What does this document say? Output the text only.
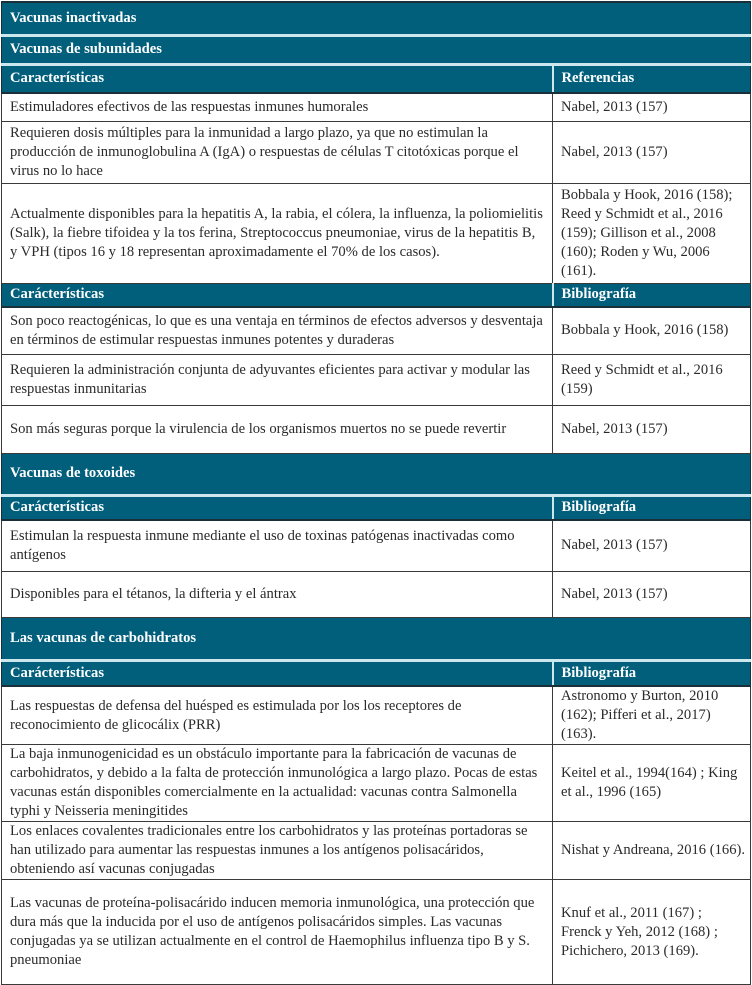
Vacunas inactivadas	
Vacunas de subunidades	
Características	Referencias
Estimuladores efectivos de las respuestas inmunes humorales	Nabel, 2013 (157)
Requieren dosis múltiples para la inmunidad a largo plazo, ya que no estimulan la producción de inmunoglobulina A (IgA) o respuestas de células T citotóxicas porque el virus no lo hace	Nabel, 2013 (157)
Actualmente disponibles para la hepatitis A, la rabia, el cólera, la influenza, la poliomielitis (Salk), la fiebre tifoidea y la tos ferina, Streptococcus pneumoniae, virus de la hepatitis B, y VPH (tipos 16 y 18 representan aproximadamente el 70% de los casos).	Bobbala y Hook, 2016 (158); Reed y Schmidt et al., 2016 (159); Gillison et al., 2008 (160); Roden y Wu, 2006 (161).
Carácterísticas	Bibliografía
Son poco reactogénicas, lo que es una ventaja en términos de efectos adversos y desventaja en términos de estimular respuestas inmunes potentes y duraderas	Bobbala y Hook, 2016 (158)
Requieren la administración conjunta de adyuvantes eficientes para activar y modular las respuestas inmunitarias	Reed y Schmidt et al., 2016 (159)
Son más seguras porque la virulencia de los organismos muertos no se puede revertir	Nabel, 2013 (157)
Vacunas de toxoides	
Carácterísticas	Bibliografía
Estimulan la respuesta inmune mediante el uso de toxinas patógenas inactivadas como antígenos	Nabel, 2013 (157)
Disponibles para el tétanos, la difteria y el ántrax	Nabel, 2013 (157)
Las vacunas de carbohidratos	
Carácterísticas	Bibliografía
Las respuestas de defensa del huésped es estimulada por los los receptores de reconocimiento de glicocálix (PRR)	Astronomo y Burton, 2010 (162); Pifferi et al., 2017) (163).
La baja inmunogenicidad es un obstáculo importante para la fabricación de vacunas de carbohidratos, y debido a la falta de protección inmunológica a largo plazo. Pocas de estas vacunas están disponibles comercialmente en la actualidad: vacunas contra Salmonella typhi y Neisseria meningitides	Keitel et al., 1994(164) ; King et al., 1996 (165)
Los enlaces covalentes tradicionales entre los carbohidratos y las proteínas portadoras se han utilizado para aumentar las respuestas inmunes a los antígenos polisacáridos, obteniendo así vacunas conjugadas	Nishat y Andreana, 2016 (166).
Las vacunas de proteína-polisacárido inducen memoria inmunológica, una protección que dura más que la inducida por el uso de antígenos polisacáridos simples. Las vacunas conjugadas ya se utilizan actualmente en el control de Haemophilus influenza tipo B y S. pneumoniae	Knuf et al., 2011 (167) ; Frenck y Yeh, 2012 (168) ; Pichichero, 2013 (169).
